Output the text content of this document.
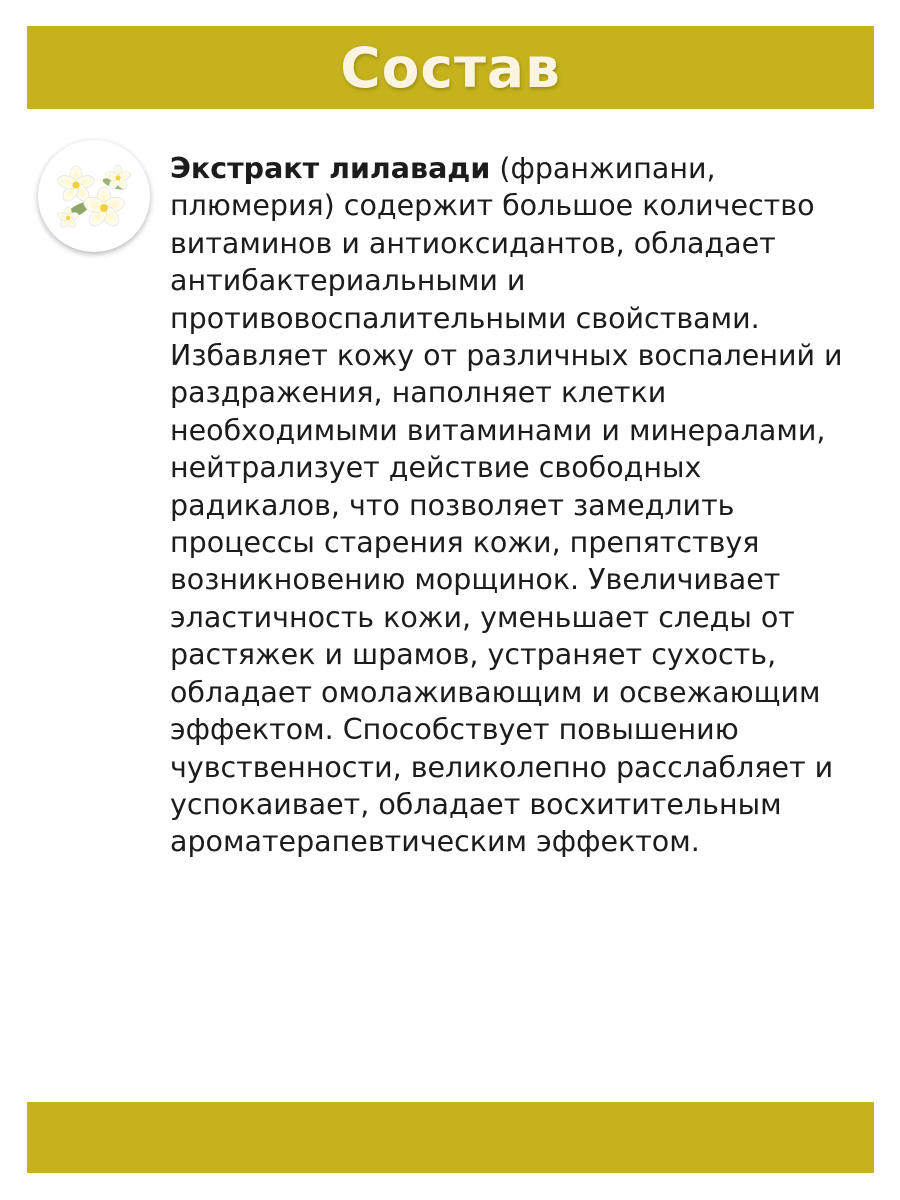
Состав

Экстракт лилавади (франжипани, плюмерия) содержит большое количество витаминов и антиоксидантов, обладает антибактериальными и противовоспалительными свойствами. Избавляет кожу от различных воспалений и раздражения, наполняет клетки необходимыми витаминами и минералами, нейтрализует действие свободных радикалов, что позволяет замедлить процессы старения кожи, препятствуя возникновению морщинок. Увеличивает эластичность кожи, уменьшает следы от растяжек и шрамов, устраняет сухость, обладает омолаживающим и освежающим эффектом. Способствует повышению чувственности, великолепно расслабляет и успокаивает, обладает восхитительным ароматерапевтическим эффектом.
